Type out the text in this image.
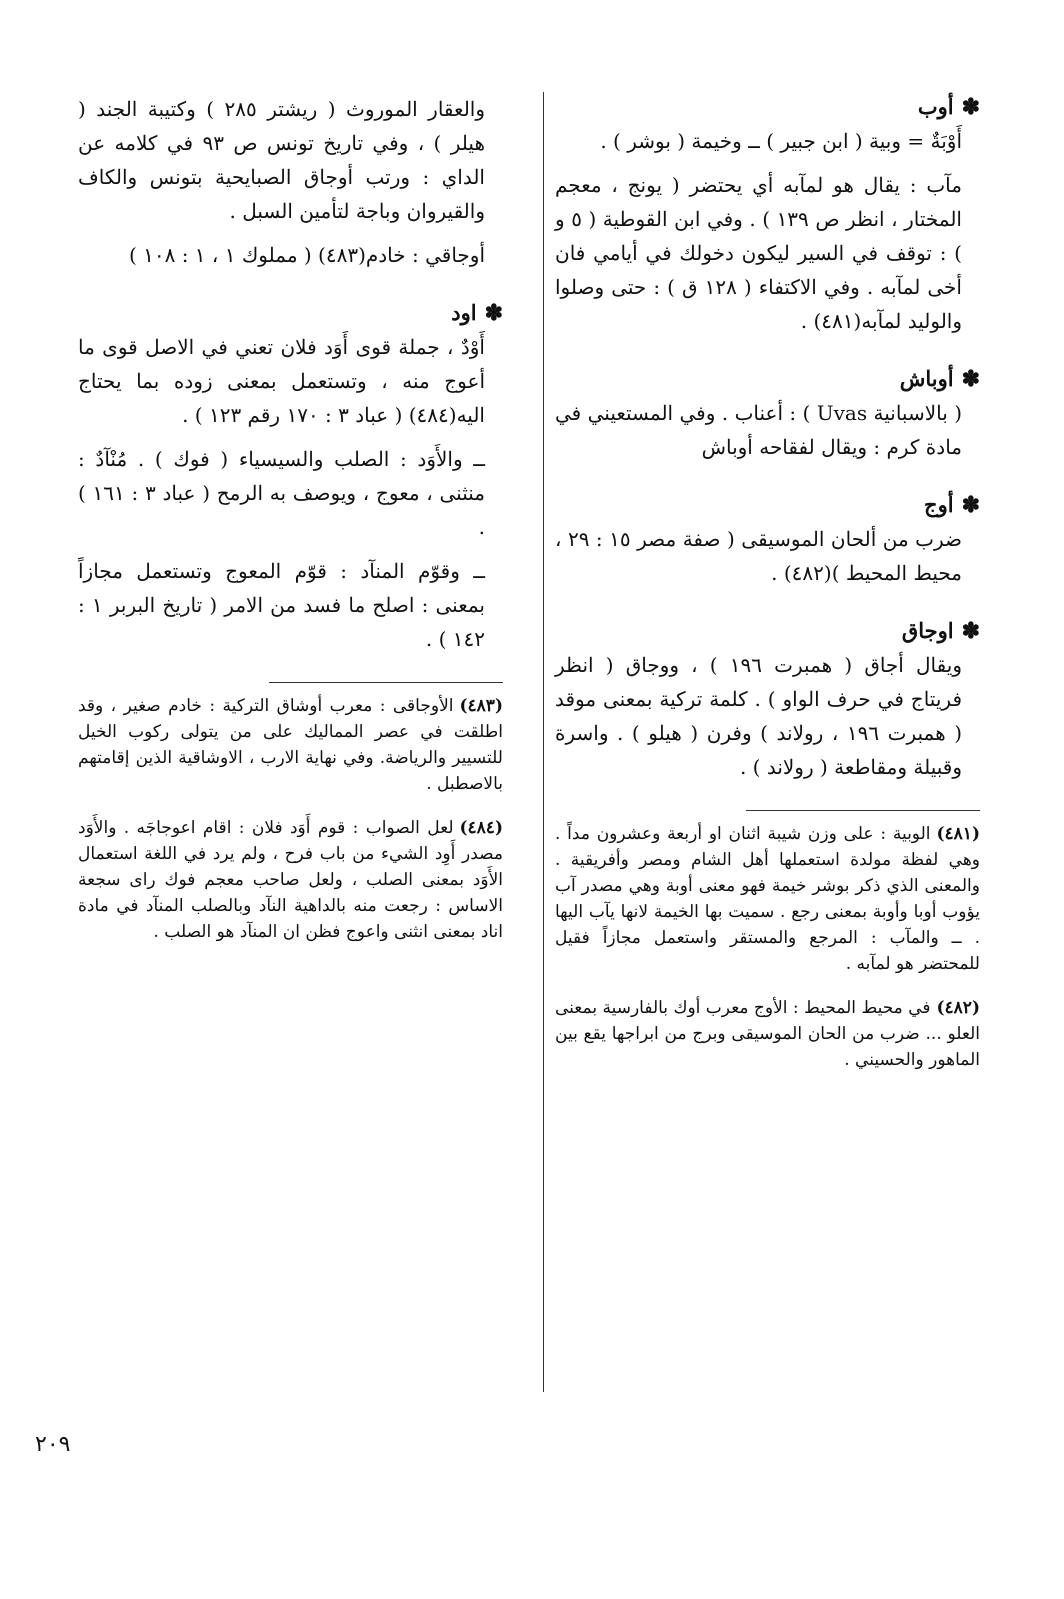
✽أوب
أَوْبَةٌ = وبية ( ابن جبير ) ــ وخيمة ( بوشر ) .
مآب : يقال هو لمآبه أي يحتضر ( يونج ، معجم المختار ، انظر ص ١٣٩ ) . وفي ابن القوطية ( ٥ و ) : توقف في السير ليكون دخولك في أيامي فان أخى لمآبه . وفي الاكتفاء ( ١٢٨ ق ) : حتى وصلوا والوليد لمآبه(٤٨١) .
✽أوباش
( بالاسبانية Uvas ) : أعناب . وفي المستعيني في مادة كرم : ويقال لفقاحه أوباش
✽أوج
ضرب من ألحان الموسيقى ( صفة مصر ١٥ : ٢٩ ، محيط المحيط )(٤٨٢) .
✽اوجاق
ويقال أجاق ( همبرت ١٩٦ ) ، ووجاق ( انظر فريتاج في حرف الواو ) . كلمة تركية بمعنى موقد ( همبرت ١٩٦ ، رولاند ) وفرن ( هيلو ) . واسرة وقبيلة ومقاطعة ( رولاند ) .
(٤٨١)الوبية : على وزن شيبة اثنان او أربعة وعشرون مداً . وهي لفظة مولدة استعملها أهل الشام ومصر وأفريقية . والمعنى الذي ذكر بوشر خيمة فهو معنى أوبة وهي مصدر آب يؤوب أوبا وأوبة بمعنى رجع . سميت بها الخيمة لانها يآب اليها . ــ والمآب : المرجع والمستقر واستعمل مجازاً فقيل للمحتضر هو لمآبه .
(٤٨٢)في محيط المحيط : الأوج معرب أوك بالفارسية بمعنى العلو ... ضرب من الحان الموسيقى وبرج من ابراجها يقع بين الماهور والحسيني .
والعقار الموروث ( ريشتر ٢٨٥ ) وكتيبة الجند ( هيلر ) ، وفي تاريخ تونس ص ٩٣ في كلامه عن الداي : ورتب أوجاق الصبايحية بتونس والكاف والقيروان وباجة لتأمين السبل .
أوجاقي : خادم(٤٨٣) ( مملوك ١ ، ١ : ١٠٨ )
✽اود
أَوْدٌ ، جملة قوى أَوَد فلان تعني في الاصل قوى ما أعوج منه ، وتستعمل بمعنى زوده بما يحتاج اليه(٤٨٤) ( عباد ٣ : ١٧٠ رقم ١٢٣ ) .
ــ والأَوَد : الصلب والسيسياء ( فوك ) . مُنْآدٌ : منثنى ، معوج ، ويوصف به الرمح ( عباد ٣ : ١٦١ ) .
ــ وقوّم المنآد : قوّم المعوج وتستعمل مجازاً بمعنى : اصلح ما فسد من الامر ( تاريخ البربر ١ : ١٤٢ ) .
(٤٨٣)الأوجاقى : معرب أوشاق التركية : خادم صغير ، وقد اطلقت في عصر المماليك على من يتولى ركوب الخيل للتسيير والرياضة. وفي نهاية الارب ، الاوشاقية الذين إقامتهم بالاصطبل .
(٤٨٤)لعل الصواب : قوم أَوَد فلان : اقام اعوجاجَه . والأَوَد مصدر أَوِد الشيء من باب فرح ، ولم يرد في اللغة استعمال الأَوَد بمعنى الصلب ، ولعل صاحب معجم فوك راى سجعة الاساس : رجعت منه بالداهية النآد وبالصلب المنآد في مادة اناد بمعنى انثنى واعوج فظن ان المنآد هو الصلب .
٢٠٩
